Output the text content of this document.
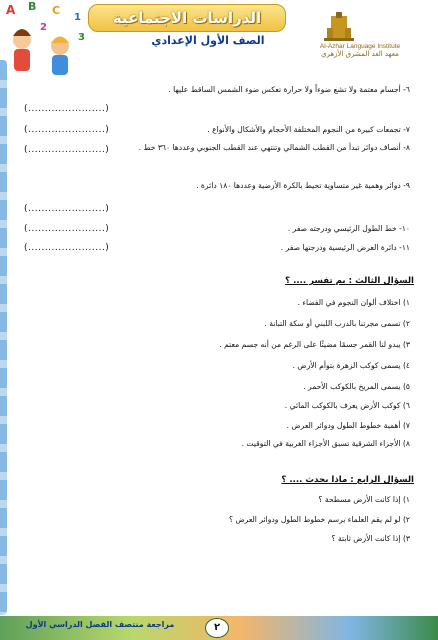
A B C
1
2
3
الدراسات الاجتماعية
الصف الأول الإعدادي	Al-Azhar Language Institute
معهد الغد المشرق الأزهري
٦- أجسام معتمة ولا تشع ضوءاً ولا حرارة تعكس ضوء الشمس الساقط عليها .
(.......................)
٧- تجمعات كبيرة من النجوم المختلفة الأحجام والأشكال والأنواع .
(.......................)
٨- أنصاف دوائر تبدأ من القطب الشمالي وتنتهي عند القطب الجنوبي وعددها ٣٦٠ خط .
(.......................)
٩- دوائر وهمية غير متساوية تحيط بالكرة الأرضية وعددها ١٨٠ دائرة .
(.......................)
١٠- خط الطول الرئيسي ودرجته صفر .
(.......................)
١١- دائرة العرض الرئيسية ودرجتها صفر .
(.......................)
السؤال الثالث : بم تفسر .... ؟
١) اختلاف ألوان النجوم في الفضاء .
٢) تسمى مجرتنا بالدرب اللبني أو سكة التبانة .
٣) يبدو لنا القمر جسمًا مضيئًا على الرغم من أنه جسم معتم .
٤) يسمى كوكب الزهرة بتوأم الأرض .
٥) يسمى المريخ بالكوكب الأحمر .
٦) كوكب الأرض يعرف بالكوكب المائي .
٧) أهمية خطوط الطول ودوائر العرض .
٨) الأجزاء الشرقية تسبق الأجزاء الغربية في التوقيت .
السؤال الرابع : ماذا يحدث .... ؟
١) إذا كانت الأرض مسطحة ؟
٢) لو لم يقم العلماء برسم خطوط الطول ودوائر العرض ؟
٣) إذا كانت الأرض ثابتة ؟
مراجعة منتصف الفصل الدراسي الأول	٢
